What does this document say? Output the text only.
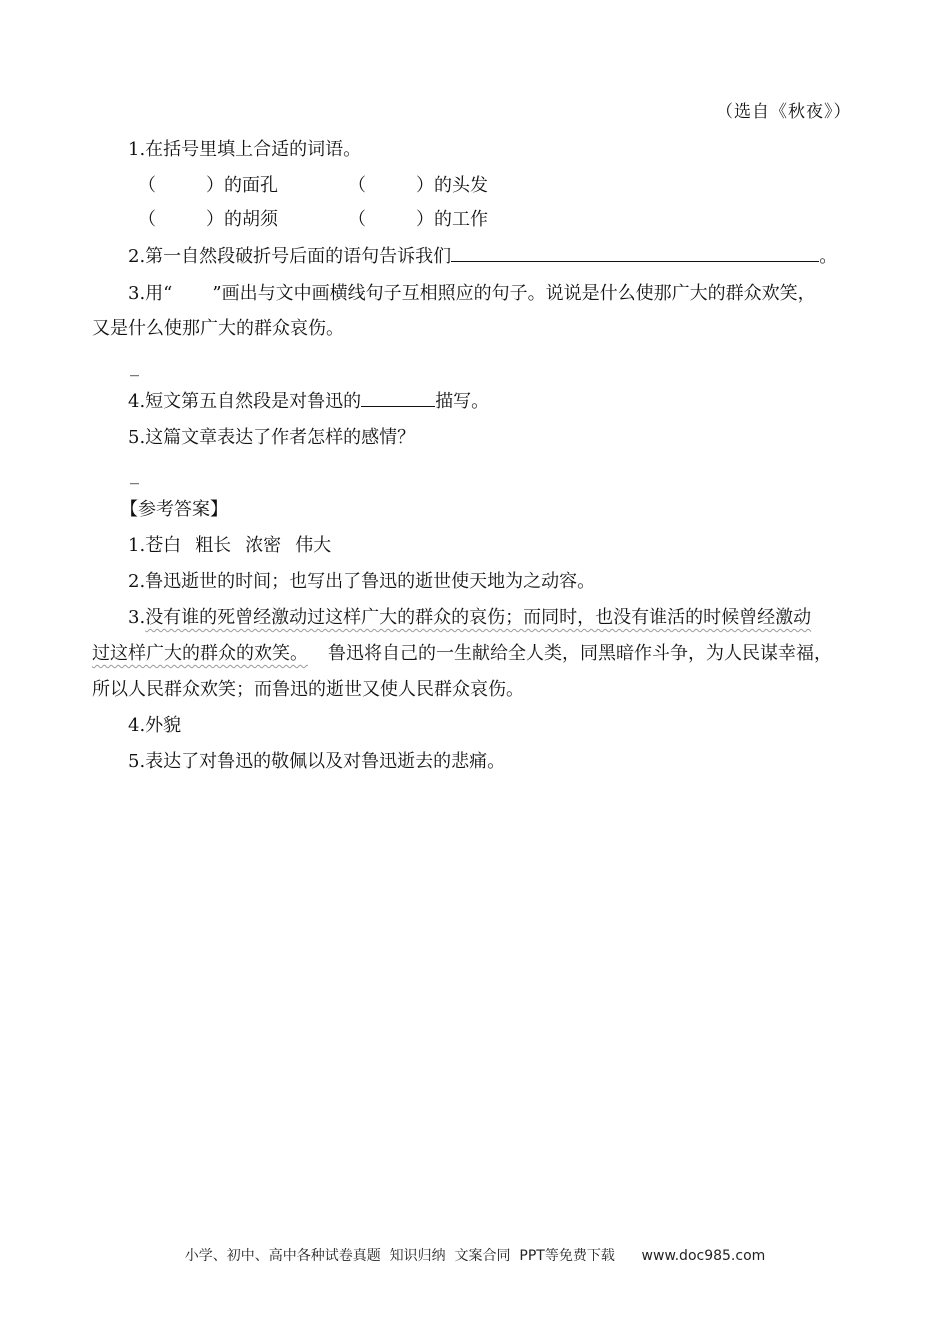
（选自《秋夜》）
1.在括号里填上合适的词语。
（	）的面孔	（	）的头发
（	）的胡须	（	）的工作
2.第一自然段破折号后面的语句告诉我们	。
3.用“ ”画出与文中画横线句子互相照应的句子。说说是什么使那广大的群众欢笑，
又是什么使那广大的群众哀伤。
_
4.短文第五自然段是对鲁迅的	描写。
5.这篇文章表达了作者怎样的感情？
_
【参考答案】
1.苍白 粗长 浓密 伟大
2.鲁迅逝世的时间；也写出了鲁迅的逝世使天地为之动容。
3.没有谁的死曾经激动过这样广大的群众的哀伤；而同时，也没有谁活的时候曾经激动
过这样广大的群众的欢笑。 鲁迅将自己的一生献给全人类，同黑暗作斗争，为人民谋幸福，
所以人民群众欢笑；而鲁迅的逝世又使人民群众哀伤。
4.外貌
5.表达了对鲁迅的敬佩以及对鲁迅逝去的悲痛。
小学、初中、高中各种试卷真题  知识归纳  文案合同  PPT等免费下载      www.doc985.com
